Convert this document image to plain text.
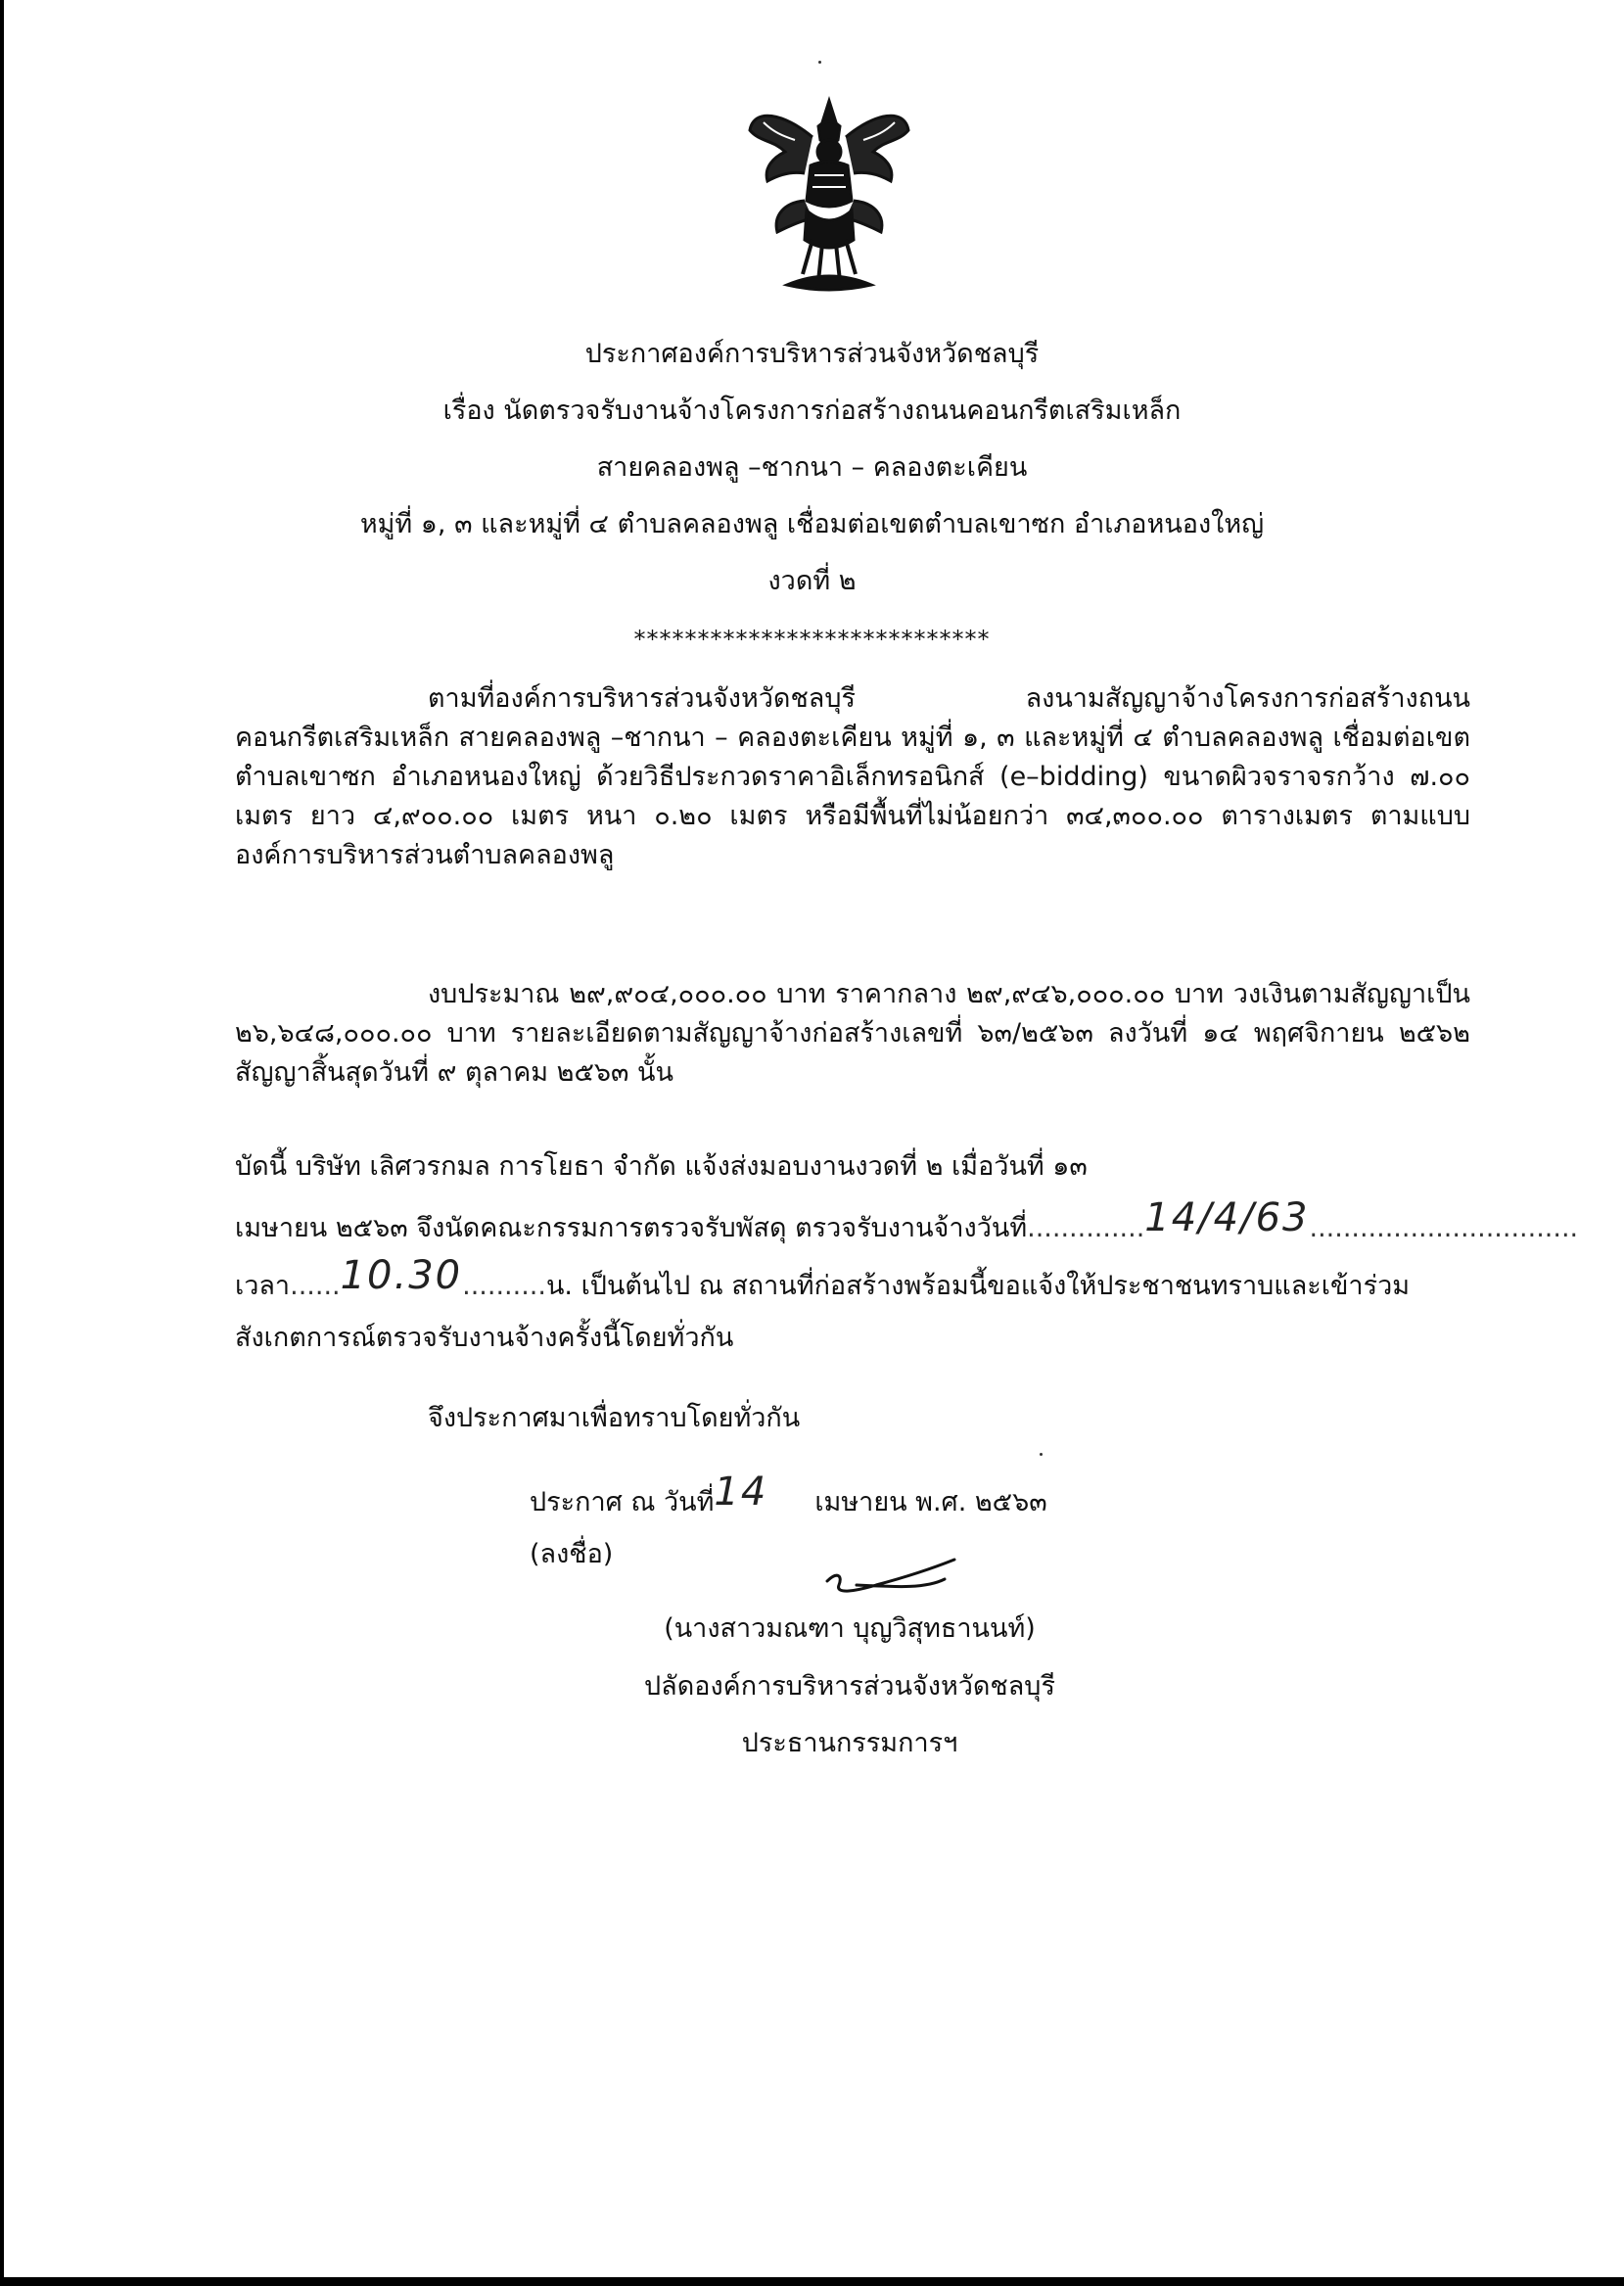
ประกาศองค์การบริหารส่วนจังหวัดชลบุรี
เรื่อง นัดตรวจรับงานจ้างโครงการก่อสร้างถนนคอนกรีตเสริมเหล็ก
สายคลองพลู –ชากนา – คลองตะเคียน
หมู่ที่ ๑, ๓ และหมู่ที่ ๔ ตำบลคลองพลู เชื่อมต่อเขตตำบลเขาซก อำเภอหนองใหญ่
งวดที่ ๒
****************************
ตามที่องค์การบริหารส่วนจังหวัดชลบุรี ลงนามสัญญาจ้างโครงการก่อสร้างถนนคอนกรีตเสริมเหล็ก สายคลองพลู –ชากนา – คลองตะเคียน หมู่ที่ ๑, ๓ และหมู่ที่ ๔ ตำบลคลองพลู เชื่อมต่อเขตตำบลเขาซก อำเภอหนองใหญ่ ด้วยวิธีประกวดราคาอิเล็กทรอนิกส์ (e–bidding) ขนาดผิวจราจรกว้าง ๗.๐๐ เมตร ยาว ๔,๙๐๐.๐๐ เมตร หนา ๐.๒๐ เมตร หรือมีพื้นที่ไม่น้อยกว่า ๓๔,๓๐๐.๐๐ ตารางเมตร ตามแบบองค์การบริหารส่วนตำบลคลองพลู
งบประมาณ ๒๙,๙๐๔,๐๐๐.๐๐ บาท ราคากลาง ๒๙,๙๔๖,๐๐๐.๐๐ บาท วงเงินตามสัญญาเป็น ๒๖,๖๔๘,๐๐๐.๐๐ บาท รายละเอียดตามสัญญาจ้างก่อสร้างเลขที่ ๖๓/๒๕๖๓ ลงวันที่ ๑๔ พฤศจิกายน ๒๕๖๒ สัญญาสิ้นสุดวันที่ ๙ ตุลาคม ๒๕๖๓ นั้น
บัดนี้ บริษัท เลิศวรกมล การโยธา จำกัด แจ้งส่งมอบงานงวดที่ ๒ เมื่อวันที่ ๑๓
เมษายน ๒๕๖๓ จึงนัดคณะกรรมการตรวจรับพัสดุ ตรวจรับงานจ้างวันที่..............14/4/63................................
เวลา......10.30..........น. เป็นต้นไป ณ สถานที่ก่อสร้างพร้อมนี้ขอแจ้งให้ประชาชนทราบและเข้าร่วม
สังเกตการณ์ตรวจรับงานจ้างครั้งนี้โดยทั่วกัน
จึงประกาศมาเพื่อทราบโดยทั่วกัน
ประกาศ ณ วันที่14 เมษายน พ.ศ. ๒๕๖๓
(ลงชื่อ)
(นางสาวมณฑา บุญวิสุทธานนท์)
ปลัดองค์การบริหารส่วนจังหวัดชลบุรี
ประธานกรรมการฯ
